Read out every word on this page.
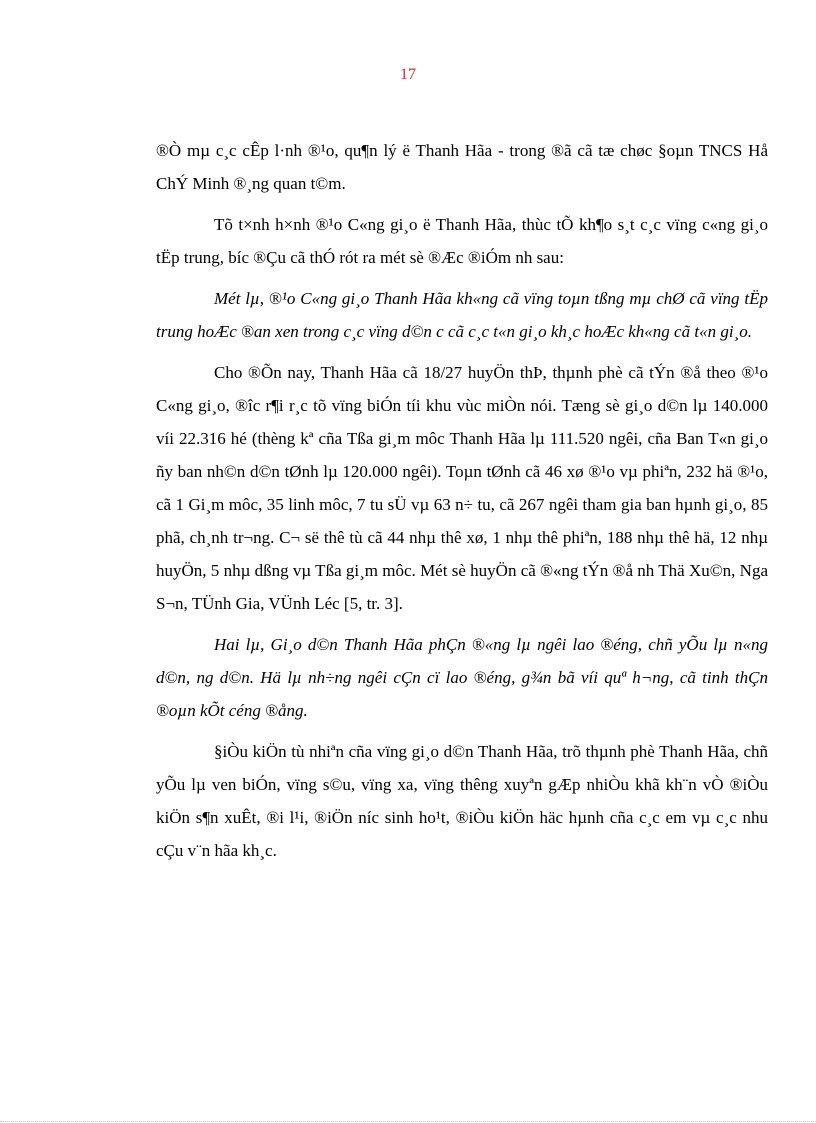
17

®Ò mµ c¸c cÊp l·nh ®¹o, qu¶n lý ë Thanh Hãa - trong ®ã cã tæ chøc §oµn TNCS Hå ChÝ Minh ®¸ng quan t©m.

Tõ t×nh h×nh ®¹o C«ng gi¸o ë Thanh Hãa, thùc tÕ kh¶o s¸t c¸c vïng c«ng gi¸o tËp trung, bíc ®Çu cã thÓ rót ra mét sè ®Æc ®iÓm nh sau:

Mét lµ, ®¹o C«ng gi¸o Thanh Hãa kh«ng cã vïng toµn tßng mµ chØ cã vïng tËp trung hoÆc ®an xen trong c¸c vïng d©n c cã c¸c t«n gi¸o kh¸c hoÆc kh«ng cã t«n gi¸o.

Cho ®Õn nay, Thanh Hãa cã 18/27 huyÖn thÞ, thµnh phè cã tÝn ®å theo ®¹o C«ng gi¸o, ®îc r¶i r¸c tõ vïng biÓn tíi khu vùc miÒn nói. Tæng sè gi¸o d©n lµ 140.000 víi 22.316 hé (thèng kª cña Tßa gi¸m môc Thanh Hãa lµ 111.520 ngêi, cña Ban T«n gi¸o ñy ban nh©n d©n tØnh lµ 120.000 ngêi). Toµn tØnh cã 46 xø ®¹o vµ phiªn, 232 hä ®¹o, cã 1 Gi¸m môc, 35 linh môc, 7 tu sÜ vµ 63 n÷ tu, cã 267 ngêi tham gia ban hµnh gi¸o, 85 phã, ch¸nh tr¬ng. C¬ së thê tù cã 44 nhµ thê xø, 1 nhµ thê phiªn, 188 nhµ thê hä, 12 nhµ huyÖn, 5 nhµ dßng vµ Tßa gi¸m môc. Mét sè huyÖn cã ®«ng tÝn ®å nh Thä Xu©n, Nga S¬n, TÜnh Gia, VÜnh Léc [5, tr. 3].

Hai lµ, Gi¸o d©n Thanh Hãa phÇn ®«ng lµ ngêi lao ®éng, chñ yÕu lµ n«ng d©n, ng d©n. Hä lµ nh÷ng ngêi cÇn cï lao ®éng, g¾n bã víi quª h¬ng, cã tinh thÇn ®oµn kÕt céng ®ång.

§iÒu kiÖn tù nhiªn cña vïng gi¸o d©n Thanh Hãa, trõ thµnh phè Thanh Hãa, chñ yÕu lµ ven biÓn, vïng s©u, vïng xa, vïng thêng xuyªn gÆp nhiÒu khã kh¨n vÒ ®iÒu kiÖn s¶n xuÊt, ®i l¹i, ®iÖn níc sinh ho¹t, ®iÒu kiÖn häc hµnh cña c¸c em vµ c¸c nhu cÇu v¨n hãa kh¸c.
